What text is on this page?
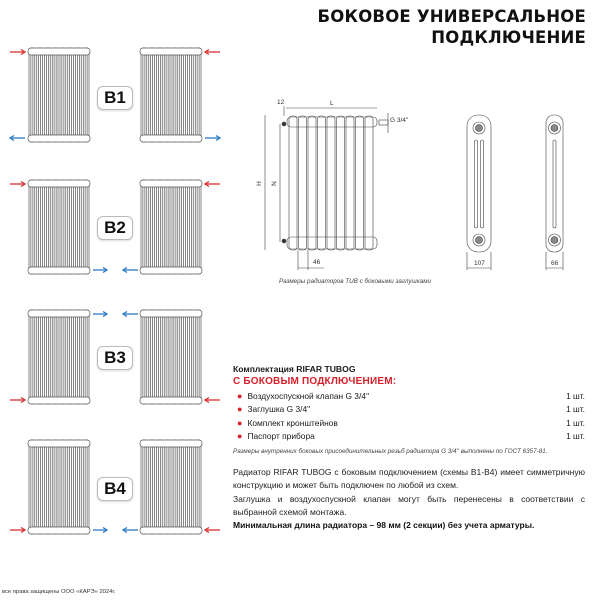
БОКОВОЕ УНИВЕРСАЛЬНОЕ
ПОДКЛЮЧЕНИЕ
B1
B2
B3
B4
12	L
G 3/4''
H N
46	107	66
Размеры радиаторов TUB с боковыми заглушками
Комплектация RIFAR TUBOG
С БОКОВЫМ ПОДКЛЮЧЕНИЕМ:
● Воздухоспускной клапан G 3/4''	1 шт.
● Заглушка G 3/4''	1 шт.
● Комплект кронштейнов	1 шт.
● Паспорт прибора	1 шт.
Размеры внутренних боковых присоединительных резьб радиатора G 3/4'' выполнены по ГОСТ 6357-81.

Радиатор RIFAR TUBOG с боковым подключением (схемы В1-В4) имеет симметричную конструкцию и может быть подключен по любой из схем.

Заглушка и воздухоспускной клапан могут быть перенесены в соответствии с выбранной схемой монтажа.

Минимальная длина радиатора – 98 мм (2 секции) без учета арматуры.

все права защищены ООО «КАРЭ» 2024г.
